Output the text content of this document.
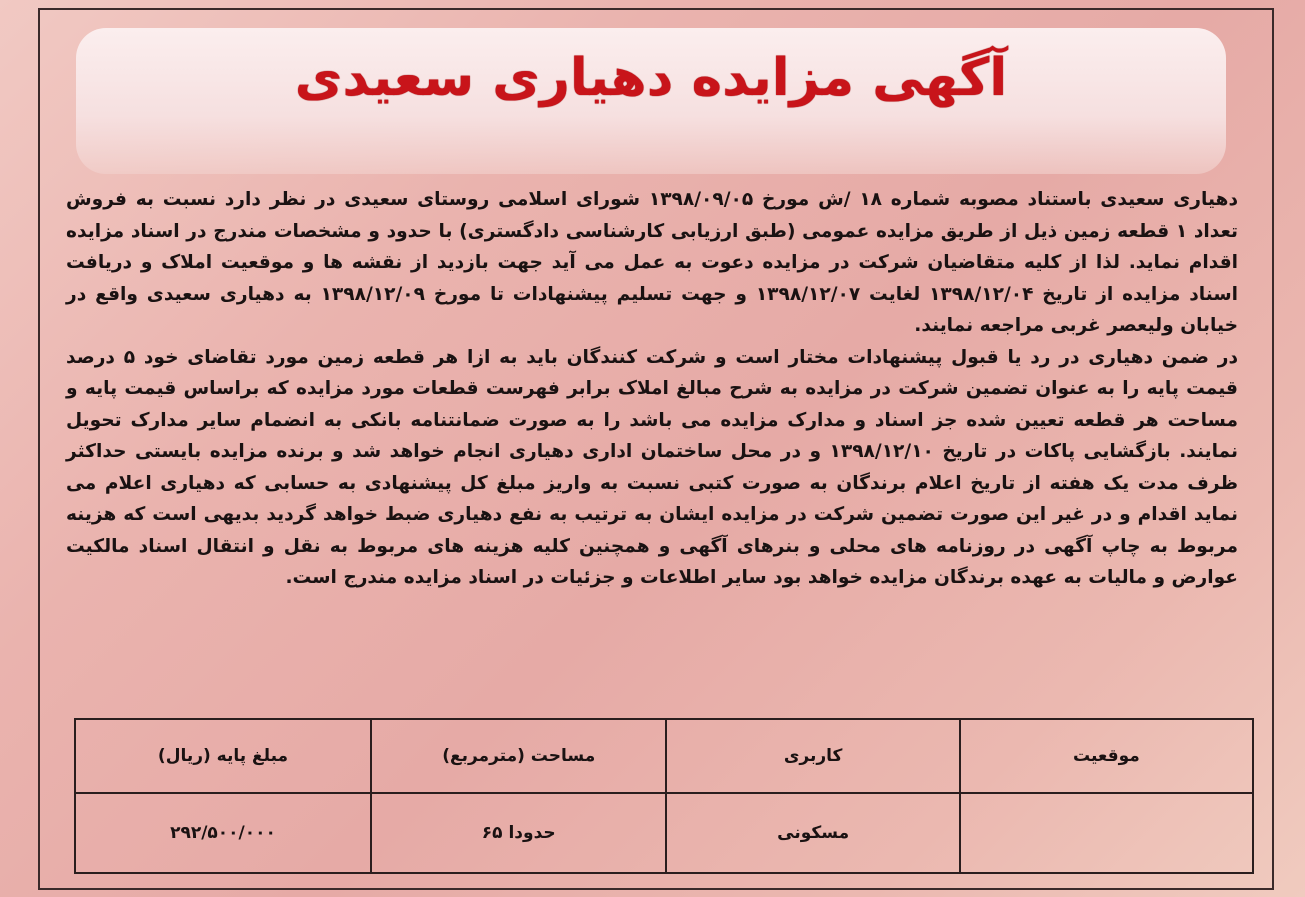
آگهی مزایده دهیاری سعیدی

دهیاری سعیدی باستناد مصوبه شماره ۱۸ /ش مورخ ۱۳۹۸/۰۹/۰۵ شورای اسلامی روستای سعیدی در نظر دارد نسبت به فروش تعداد ۱ قطعه زمین ذیل از طریق مزایده عمومی (طبق ارزیابی کارشناسی دادگستری) با حدود و مشخصات مندرج در اسناد مزایده اقدام نماید. لذا از کلیه متقاضیان شرکت در مزایده دعوت به عمل می آید جهت بازدید از نقشه ها و موقعیت املاک و دریافت اسناد مزایده از تاریخ ۱۳۹۸/۱۲/۰۴ لغایت ۱۳۹۸/۱۲/۰۷ و جهت تسلیم پیشنهادات تا مورخ ۱۳۹۸/۱۲/۰۹ به دهیاری سعیدی واقع در خیابان ولیعصر غربی مراجعه نمایند.

در ضمن دهیاری در رد یا قبول پیشنهادات مختار است و شرکت کنندگان باید به ازا هر قطعه زمین مورد تقاضای خود ۵ درصد قیمت پایه را به عنوان تضمین شرکت در مزایده به شرح مبالغ املاک برابر فهرست قطعات مورد مزایده که براساس قیمت پایه و مساحت هر قطعه تعیین شده جز اسناد و مدارک مزایده می باشد را به صورت ضمانتنامه بانکی به انضمام سایر مدارک تحویل نمایند. بازگشایی پاکات در تاریخ ۱۳۹۸/۱۲/۱۰ و در محل ساختمان اداری دهیاری انجام خواهد شد و برنده مزایده بایستی حداکثر ظرف مدت یک هفته از تاریخ اعلام برندگان به صورت کتبی نسبت به واریز مبلغ کل پیشنهادی به حسابی که دهیاری اعلام می نماید اقدام و در غیر این صورت تضمین شرکت در مزایده ایشان به ترتیب به نفع دهیاری ضبط خواهد گردید بدیهی است که هزینه مربوط به چاپ آگهی در روزنامه های محلی و بنرهای آگهی و همچنین کلیه هزینه های مربوط به نقل و انتقال اسناد مالکیت عوارض و مالیات به عهده برندگان مزایده خواهد بود سایر اطلاعات و جزئیات در اسناد مزایده مندرج است.

موقعیت	کاربری	مساحت (مترمربع)	مبلغ پایه (ریال)
	مسکونی	حدودا ۶۵	۲۹۲/۵۰۰/۰۰۰
